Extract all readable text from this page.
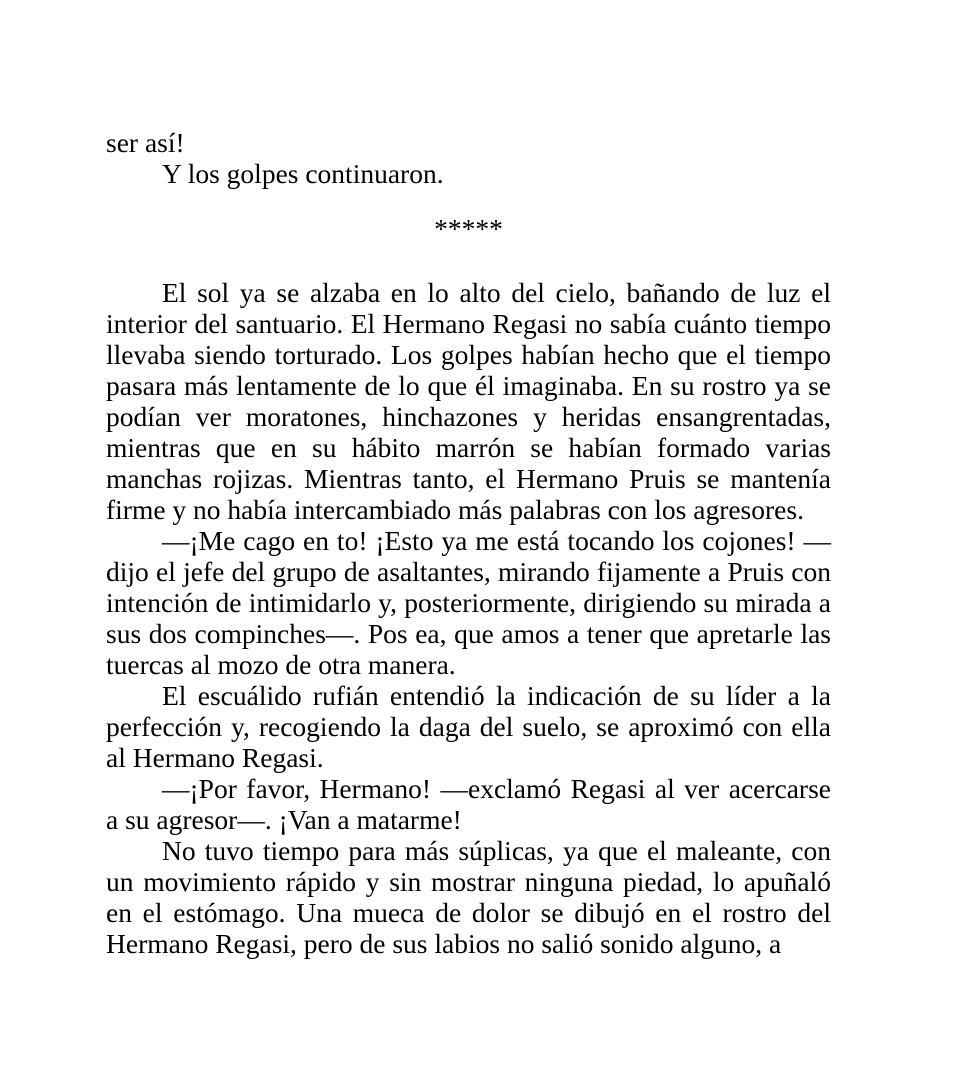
ser así!

Y los golpes continuaron.

*****

El sol ya se alzaba en lo alto del cielo, bañando de luz el interior del santuario. El Hermano Regasi no sabía cuánto tiempo llevaba siendo torturado. Los golpes habían hecho que el tiempo pasara más lentamente de lo que él imaginaba. En su rostro ya se podían ver moratones, hinchazones y heridas ensangrentadas, mientras que en su hábito marrón se habían formado varias manchas rojizas. Mientras tanto, el Hermano Pruis se mantenía firme y no había intercambiado más palabras con los agresores.

—¡Me cago en to! ¡Esto ya me está tocando los cojones! —dijo el jefe del grupo de asaltantes, mirando fijamente a Pruis con intención de intimidarlo y, posteriormente, dirigiendo su mirada a sus dos compinches—. Pos ea, que amos a tener que apretarle las tuercas al mozo de otra manera.

El escuálido rufián entendió la indicación de su líder a la perfección y, recogiendo la daga del suelo, se aproximó con ella al Hermano Regasi.

—¡Por favor, Hermano! —exclamó Regasi al ver acercarse a su agresor—. ¡Van a matarme!

No tuvo tiempo para más súplicas, ya que el maleante, con un movimiento rápido y sin mostrar ninguna piedad, lo apuñaló en el estómago. Una mueca de dolor se dibujó en el rostro del Hermano Regasi, pero de sus labios no salió sonido alguno, a
